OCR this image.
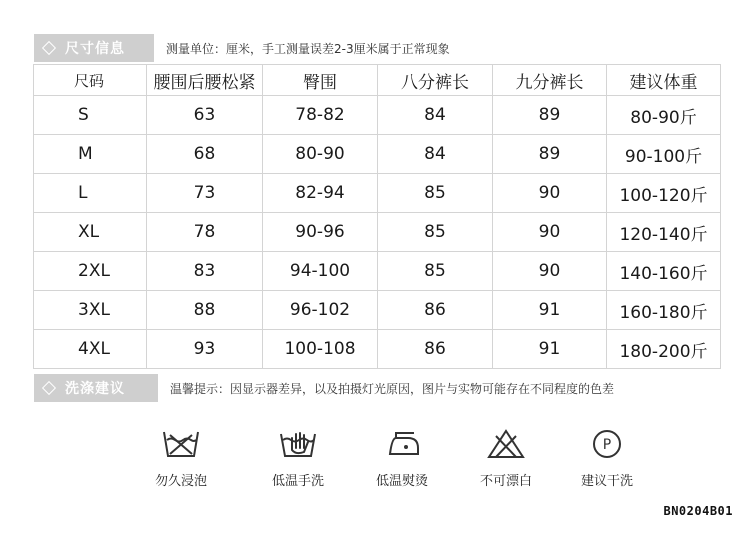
尺寸信息	测量单位：厘米，手工测量误差2-3厘米属于正常现象
尺码	腰围后腰松紧	臀围	八分裤长	九分裤长	建议体重
S	63	78-82	84	89	80-90斤
M	68	80-90	84	89	90-100斤
L	73	82-94	85	90	100-120斤
XL	78	90-96	85	90	120-140斤
2XL	83	94-100	85	90	140-160斤
3XL	88	96-102	86	91	160-180斤
4XL	93	100-108	86	91	180-200斤
洗涤建议	温馨提示：因显示器差异，以及拍摄灯光原因，图片与实物可能存在不同程度的色差
勿久浸泡	低温手洗	低温熨烫	不可漂白
P
建议干洗
BN0204B01
